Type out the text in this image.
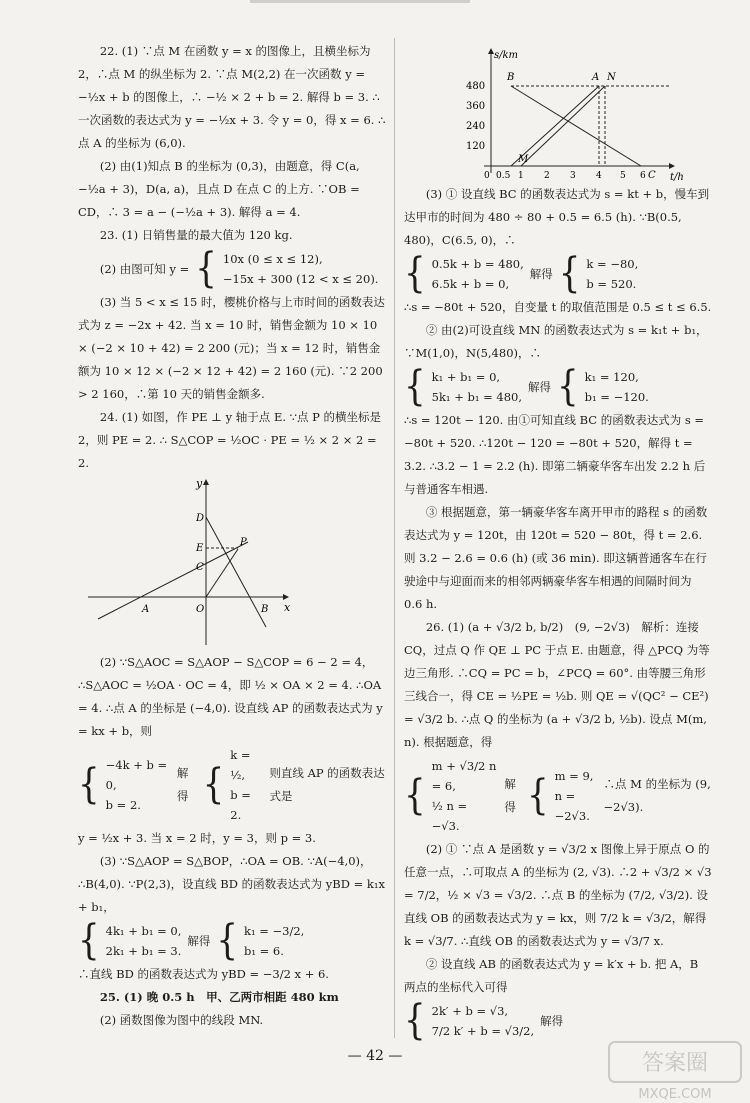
22. (1) ∵点 M 在函数 y = x 的图像上，且横坐标为 2，∴点 M 的纵坐标为 2. ∵点 M(2,2) 在一次函数 y = −½x + b 的图像上，∴ −½ × 2 + b = 2. 解得 b = 3. ∴一次函数的表达式为 y = −½x + 3. 令 y = 0，得 x = 6. ∴点 A 的坐标为 (6,0).

(2) 由(1)知点 B 的坐标为 (0,3)，由题意，得 C(a, −½a + 3)，D(a, a)，且点 D 在点 C 的上方. ∵OB = CD，∴ 3 = a − (−½a + 3). 解得 a = 4.

23. (1) 日销售量的最大值为 120 kg.

(2) 由图可知 y = { 10x (0 ≤ x ≤ 12),
−15x + 300 (12 < x ≤ 20).

(3) 当 5 < x ≤ 15 时，樱桃价格与上市时间的函数表达式为 z = −2x + 42. 当 x = 10 时，销售金额为 10 × 10 × (−2 × 10 + 42) = 2 200 (元)；当 x = 12 时，销售金额为 10 × 12 × (−2 × 12 + 42) = 2 160 (元). ∵2 200 > 2 160，∴第 10 天的销售金额多.

24. (1) 如图，作 PE ⊥ y 轴于点 E. ∵点 P 的横坐标是 2，则 PE = 2. ∴ S△COP = ½OC · PE = ½ × 2 × 2 = 2.

x
y
D
E
C
P
A	O	B

(2) ∵S△AOC = S△AOP − S△COP = 6 − 2 = 4，∴S△AOC = ½OA · OC = 4，即 ½ × OA × 2 = 4. ∴OA = 4. ∴点 A 的坐标是 (−4,0). 设直线 AP 的函数表达式为 y = kx + b，则

{ −4k + b = 0,
b = 2.
解得 {
k = ½,
b = 2.
则直线 AP 的函数表达式是

y = ½x + 3. 当 x = 2 时，y = 3，则 p = 3.

(3) ∵S△AOP = S△BOP，∴OA = OB. ∵A(−4,0)，∴B(4,0). ∵P(2,3)，设直线 BD 的函数表达式为 yBD = k₁x + b₁，

{ 4k₁ + b₁ = 0,
2k₁ + b₁ = 3.
解得 { k₁ = −3/2,
b₁ = 6.

∴直线 BD 的函数表达式为 yBD = −3/2 x + 6.

25. (1) 晚 0.5 h　甲、乙两市相距 480 km

(2) 函数图像为图中的线段 MN.

s/km
t/h
480
360
240
120
0 0.5 1 2 3 4 5 6
B	A N
M
C

(3) ① 设直线 BC 的函数表达式为 s = kt + b，慢车到达甲市的时间为 480 ÷ 80 + 0.5 = 6.5 (h). ∵B(0.5, 480)，C(6.5, 0)，∴

{ 0.5k + b = 480,
6.5k + b = 0,
解得 { k = −80,
b = 520.

∴s = −80t + 520，自变量 t 的取值范围是 0.5 ≤ t ≤ 6.5.

② 由(2)可设直线 MN 的函数表达式为 s = k₁t + b₁，∵M(1,0)，N(5,480)，∴

{ k₁ + b₁ = 0,
5k₁ + b₁ = 480,
解得 { k₁ = 120,
b₁ = −120.

∴s = 120t − 120. 由①可知直线 BC 的函数表达式为 s = −80t + 520. ∴120t − 120 = −80t + 520，解得 t = 3.2. ∴3.2 − 1 = 2.2 (h). 即第二辆豪华客车出发 2.2 h 后与普通客车相遇.

③ 根据题意，第一辆豪华客车离开甲市的路程 s 的函数表达式为 y = 120t，由 120t = 520 − 80t，得 t = 2.6. 则 3.2 − 2.6 = 0.6 (h) (或 36 min). 即这辆普通客车在行驶途中与迎面而来的相邻两辆豪华客车相遇的间隔时间为 0.6 h.

26. (1) (a + √3/2 b, b/2)　(9, −2√3)　解析：连接 CQ，过点 Q 作 QE ⊥ PC 于点 E. 由题意，得 △PCQ 为等边三角形. ∴CQ = PC = b，∠PCQ = 60°. 由等腰三角形三线合一，得 CE = ½PE = ½b. 则 QE = √(QC² − CE²) = √3/2 b. ∴点 Q 的坐标为 (a + √3/2 b, ½b). 设点 M(m, n). 根据题意，得

{
m + √3/2 n = 6,
½ n = −√3.
解得 { m = 9,
n = −2√3.
∴点 M 的坐标为 (9, −2√3).

(2) ① ∵点 A 是函数 y = √3/2 x 图像上异于原点 O 的任意一点，∴可取点 A 的坐标为 (2, √3). ∴2 + √3/2 × √3 = 7/2，½ × √3 = √3/2. ∴点 B 的坐标为 (7/2, √3/2). 设直线 OB 的函数表达式为 y = kx，则 7/2 k = √3/2，解得 k = √3/7. ∴直线 OB 的函数表达式为 y = √3/7 x.

② 设直线 AB 的函数表达式为 y = k′x + b. 把 A，B 两点的坐标代入可得

{ 2k′ + b = √3,
7/2 k′ + b = √3/2,
解得
— 42 —	答案圈
MXQE.COM
